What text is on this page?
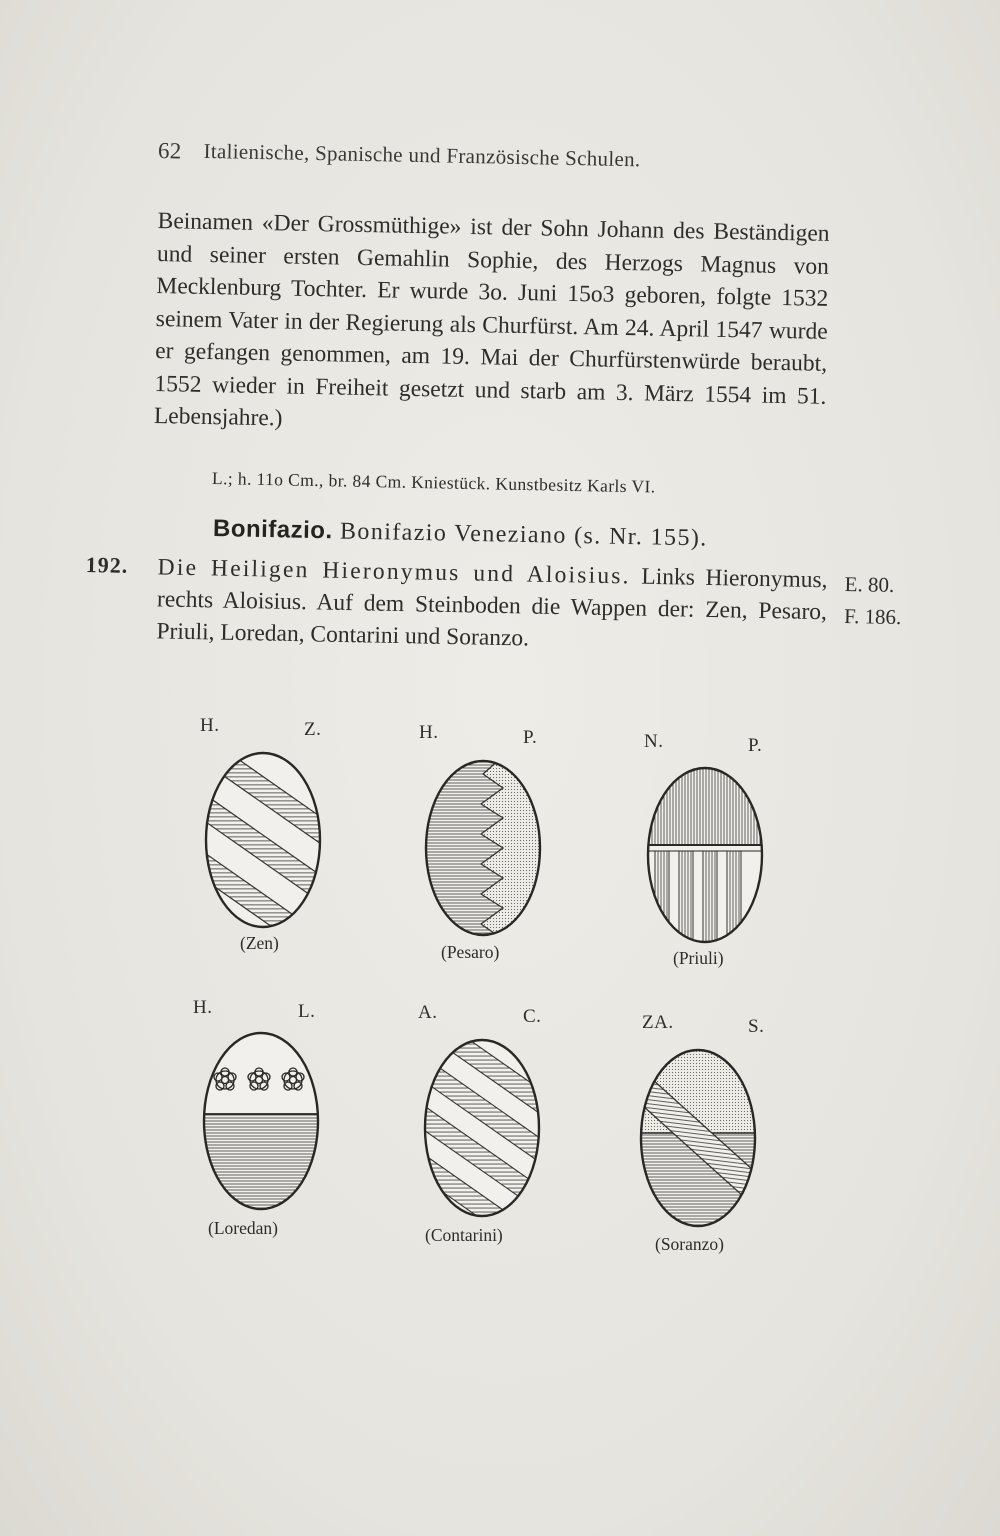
62 Italienische, Spanische und Französische Schulen.

Beinamen «Der Grossmüthige» ist der Sohn Johann des Beständigen und seiner ersten Gemahlin Sophie, des Herzogs Magnus von Mecklenburg Tochter. Er wurde 3o. Juni 15o3 geboren, folgte 1532 seinem Vater in der Regierung als Churfürst. Am 24. April 1547 wurde er gefangen genommen, am 19. Mai der Churfürstenwürde beraubt, 1552 wieder in Freiheit gesetzt und starb am 3. März 1554 im 51. Lebensjahre.)

L.; h. 11o Cm., br. 84 Cm. Kniestück. Kunstbesitz Karls VI.
Bonifazio. Bonifazio Veneziano (s. Nr. 155).
192. Die Heiligen Hieronymus und Aloisius. Links Hieronymus, rechts Aloisius. Auf dem Steinboden die Wappen der: Zen, Pesaro, Priuli, Loredan, Contarini und Soranzo.
E. 80.
F. 186.
H.	Z.
(Zen)
H.	P.
(Pesaro)
N.	P.
(Priuli)
H.	L.
(Loredan)
A.	C.
(Contarini)
ZA.	S.
(Soranzo)
